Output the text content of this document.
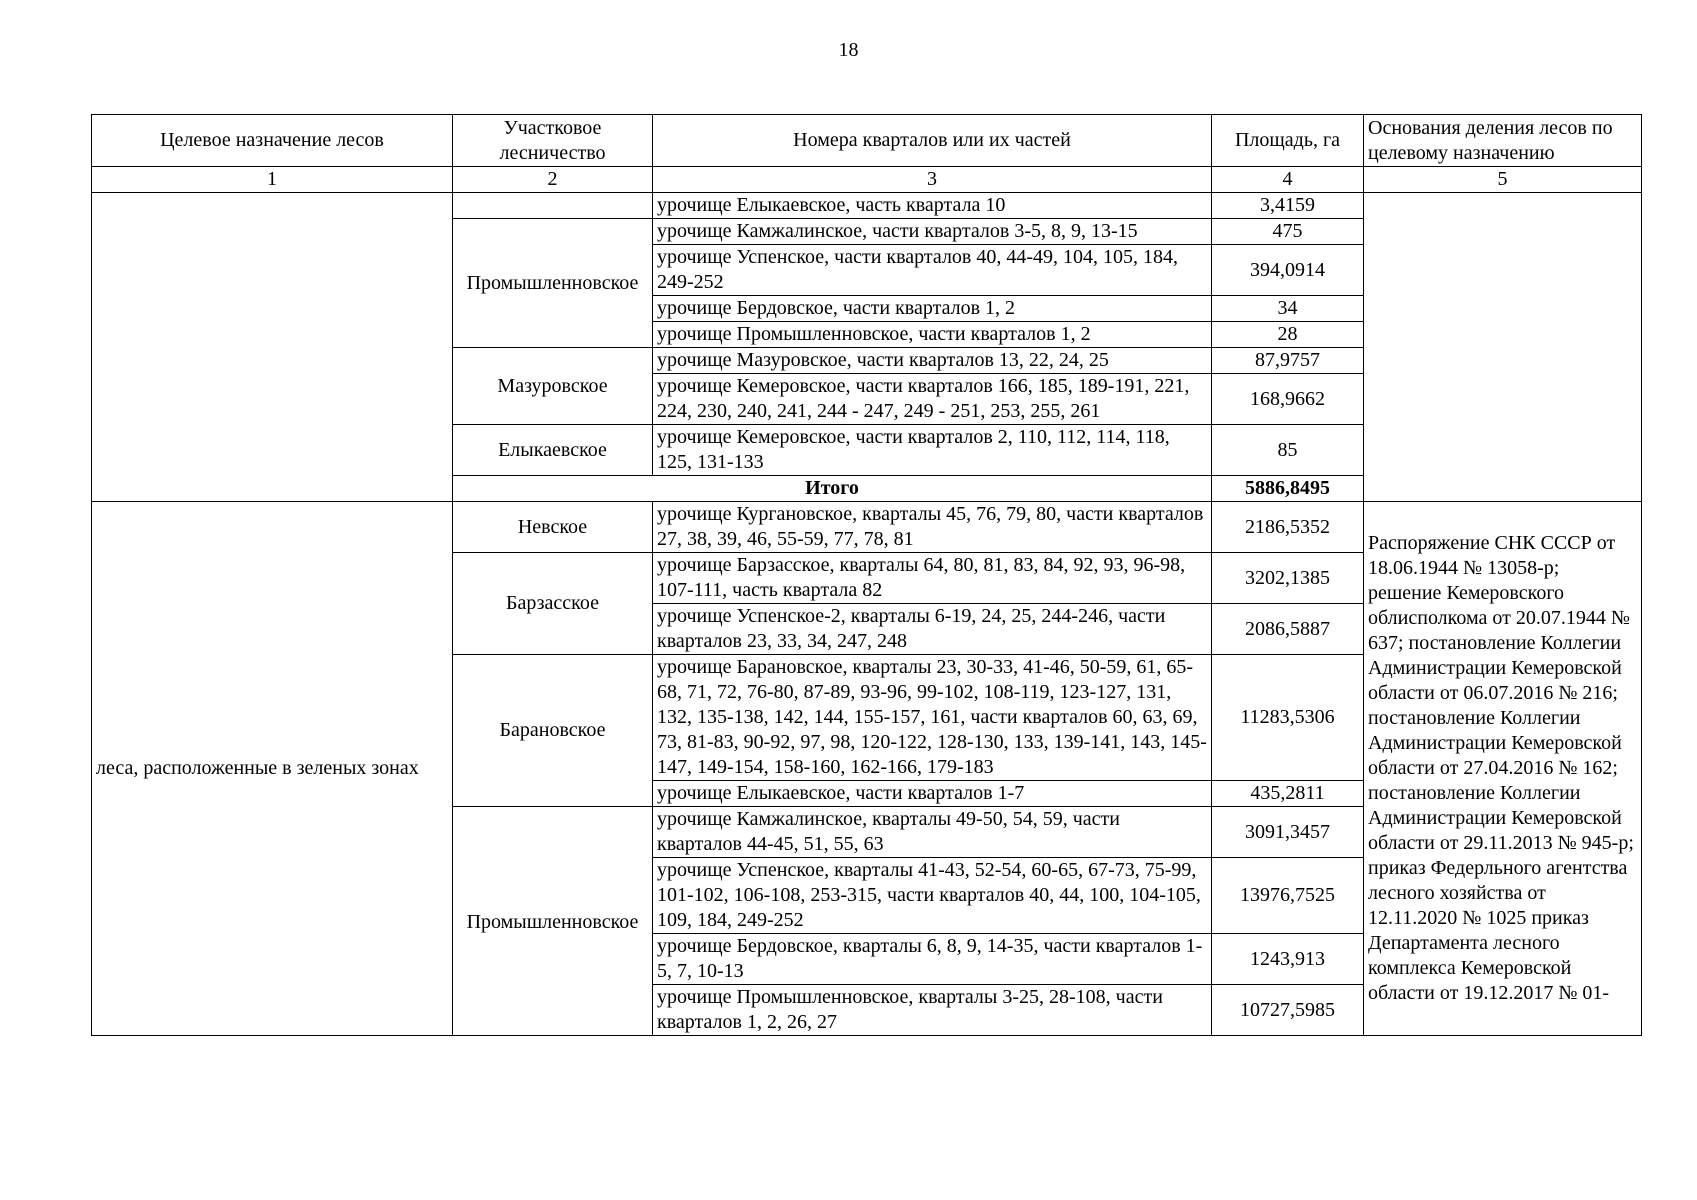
18
Целевое назначение лесов	Участковое лесничество	Номера кварталов или их частей	Площадь, га	Основания деления лесов по целевому назначению
1	2	3	4	5
		урочище Елыкаевское, часть квартала 10	3,4159	
	Промышленновское	урочище Камжалинское, части кварталов 3-5, 8, 9, 13-15	475	
		урочище Успенское, части кварталов 40, 44-49, 104, 105, 184, 249-252	394,0914	
		урочище Бердовское, части кварталов 1, 2	34	
		урочище Промышленновское, части кварталов 1, 2	28	
	Мазуровское	урочище Мазуровское, части кварталов 13, 22, 24, 25	87,9757	
		урочище Кемеровское, части кварталов 166, 185, 189-191, 221, 224, 230, 240, 241, 244 - 247, 249 - 251, 253, 255, 261	168,9662	
	Елыкаевское	урочище Кемеровское, части кварталов 2, 110, 112, 114, 118, 125, 131-133	85	
	Итого		5886,8495	
леса, расположенные в зеленых зонах	Невское	урочище Кургановское, кварталы 45, 76, 79, 80, части кварталов 27, 38, 39, 46, 55-59, 77, 78, 81	2186,5352	Распоряжение СНК СССР от 18.06.1944 № 13058-р; решение Кемеровского облисполкома от 20.07.1944 № 637; постановление Коллегии Администрации Кемеровской области от 06.07.2016 № 216; постановление Коллегии Администрации Кемеровской области от 27.04.2016 № 162; постановление Коллегии Администрации Кемеровской области от 29.11.2013 № 945-р; приказ Федерльного агентства лесного хозяйства от 12.11.2020 № 1025 приказ Департамента лесного комплекса Кемеровской области от 19.12.2017 № 01-
	Барзасское	урочище Барзасское, кварталы 64, 80, 81, 83, 84, 92, 93, 96-98, 107-111, часть квартала 82	3202,1385	
		урочище Успенское-2, кварталы 6-19, 24, 25, 244-246, части кварталов 23, 33, 34, 247, 248	2086,5887	
	Барановское	урочище Барановское, кварталы 23, 30-33, 41-46, 50-59, 61, 65-68, 71, 72, 76-80, 87-89, 93-96, 99-102, 108-119, 123-127, 131, 132, 135-138, 142, 144, 155-157, 161, части кварталов 60, 63, 69, 73, 81-83, 90-92, 97, 98, 120-122, 128-130, 133, 139-141, 143, 145-147, 149-154, 158-160, 162-166, 179-183	11283,5306	
		урочище Елыкаевское, части кварталов 1-7	435,2811	
	Промышленновское	урочище Камжалинское, кварталы 49-50, 54, 59, части кварталов 44-45, 51, 55, 63	3091,3457	
		урочище Успенское, кварталы 41-43, 52-54, 60-65, 67-73, 75-99, 101-102, 106-108, 253-315, части кварталов 40, 44, 100, 104-105, 109, 184, 249-252	13976,7525	
		урочище Бердовское, кварталы 6, 8, 9, 14-35, части кварталов 1-5, 7, 10-13	1243,913	
		урочище Промышленновское, кварталы 3-25, 28-108, части кварталов 1, 2, 26, 27	10727,5985	
